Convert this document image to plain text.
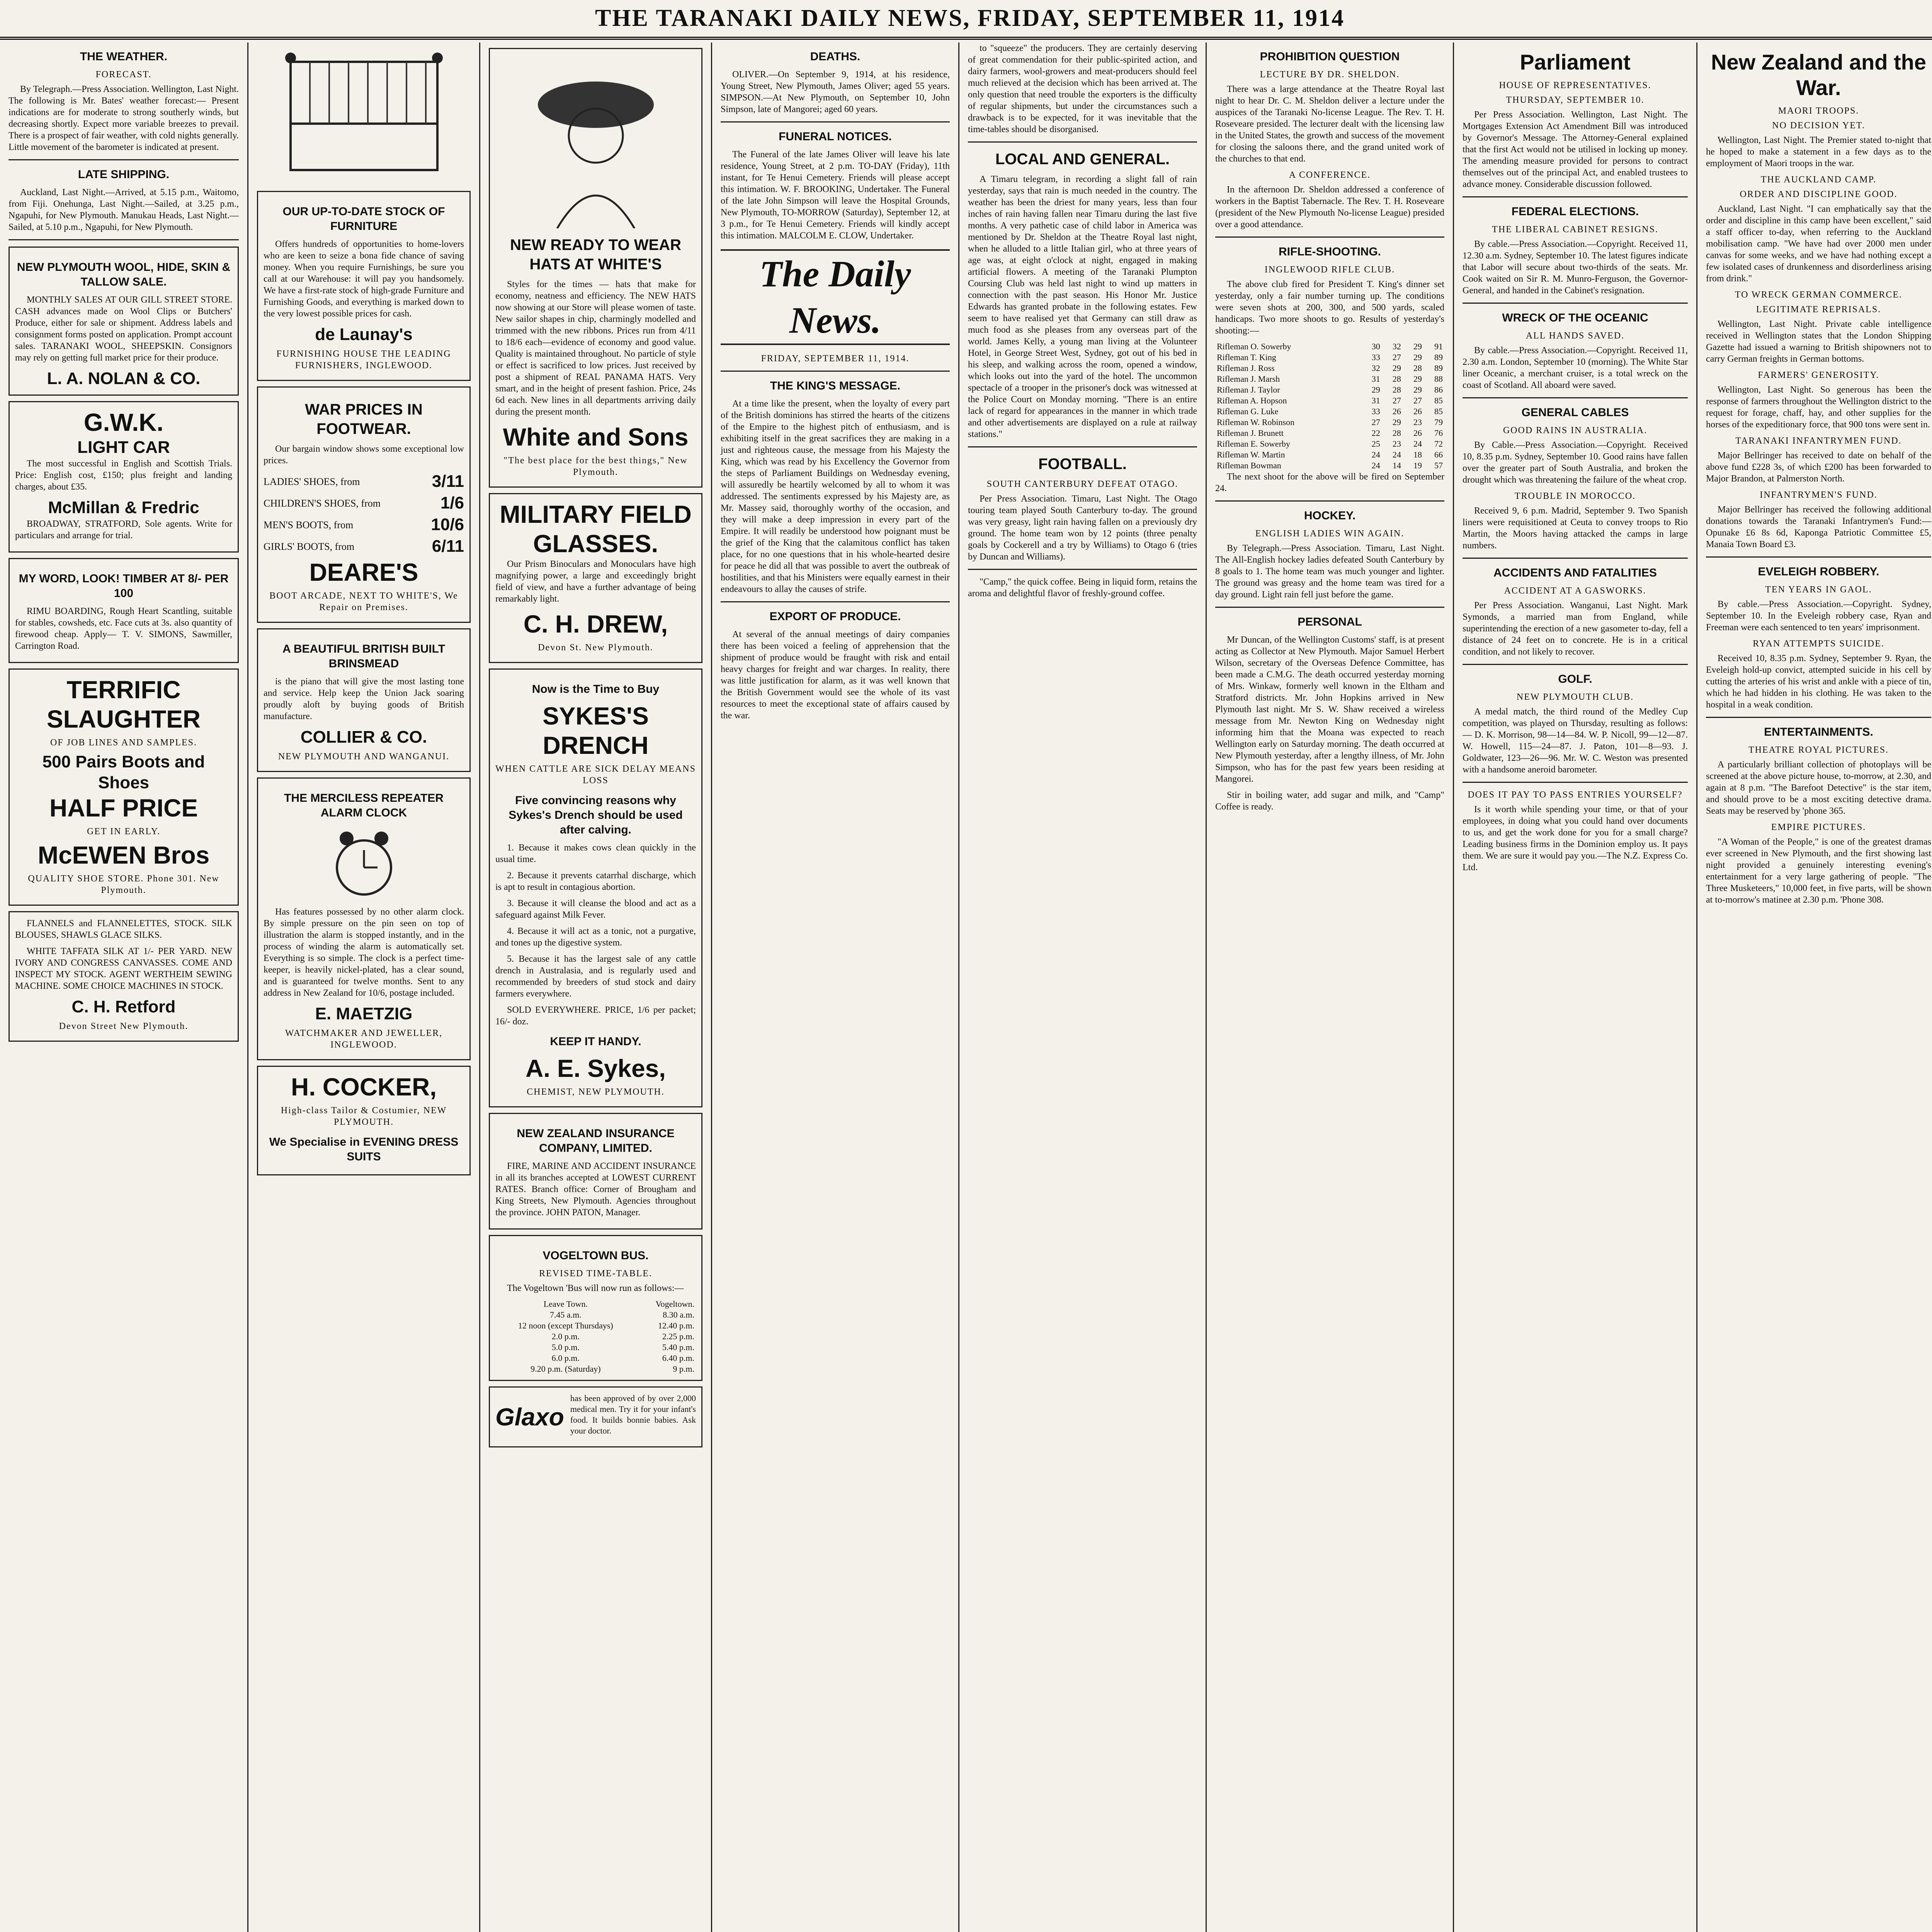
THE TARANAKI DAILY NEWS, FRIDAY, SEPTEMBER 11, 1914
THE WEATHER.
FORECAST.

By Telegraph.—Press Association. Wellington, Last Night. The following is Mr. Bates' weather forecast:— Present indications are for moderate to strong southerly winds, but decreasing shortly. Expect more variable breezes to prevail. There is a prospect of fair weather, with cold nights generally. Little movement of the barometer is indicated at present.

LATE SHIPPING.

Auckland, Last Night.—Arrived, at 5.15 p.m., Waitomo, from Fiji. Onehunga, Last Night.—Sailed, at 3.25 p.m., Ngapuhi, for New Plymouth. Manukau Heads, Last Night.—Sailed, at 5.10 p.m., Ngapuhi, for New Plymouth.

NEW PLYMOUTH WOOL, HIDE, SKIN & TALLOW SALE.

MONTHLY SALES AT OUR GILL STREET STORE. CASH advances made on Wool Clips or Butchers' Produce, either for sale or shipment. Address labels and consignment forms posted on application. Prompt account sales. TARANAKI WOOL, SHEEPSKIN. Consignors may rely on getting full market price for their produce.

L. A. NOLAN & CO.
G.W.K.
LIGHT CAR

The most successful in English and Scottish Trials. Price: English cost, £150; plus freight and landing charges, about £35.

McMillan & Fredric

BROADWAY, STRATFORD, Sole agents. Write for particulars and arrange for trial.

MY WORD, LOOK! TIMBER AT 8/- PER 100

RIMU BOARDING, Rough Heart Scantling, suitable for stables, cowsheds, etc. Face cuts at 3s. also quantity of firewood cheap. Apply— T. V. SIMONS, Sawmiller, Carrington Road.

TERRIFIC SLAUGHTER
OF JOB LINES AND SAMPLES.
500 Pairs Boots and Shoes
HALF PRICE
GET IN EARLY.
McEWEN Bros
QUALITY SHOE STORE. Phone 301. New Plymouth.

FLANNELS and FLANNELETTES, STOCK. SILK BLOUSES, SHAWLS GLACE SILKS.

WHITE TAFFATA SILK AT 1/- PER YARD. NEW IVORY AND CONGRESS CANVASSES. COME AND INSPECT MY STOCK. AGENT WERTHEIM SEWING MACHINE. SOME CHOICE MACHINES IN STOCK.

C. H. Retford
Devon Street New Plymouth.
OUR UP-TO-DATE STOCK OF FURNITURE

Offers hundreds of opportunities to home-lovers who are keen to seize a bona fide chance of saving money. When you require Furnishings, be sure you call at our Warehouse: it will pay you handsomely. We have a first-rate stock of high-grade Furniture and Furnishing Goods, and everything is marked down to the very lowest possible prices for cash.

de Launay's
FURNISHING HOUSE THE LEADING FURNISHERS, INGLEWOOD.
WAR PRICES IN FOOTWEAR.

Our bargain window shows some exceptional low prices.

LADIES' SHOES, from	3/11
CHILDREN'S SHOES, from	1/6
MEN'S BOOTS, from	10/6
GIRLS' BOOTS, from	6/11
DEARE'S
BOOT ARCADE, NEXT TO WHITE'S, We Repair on Premises.
A BEAUTIFUL BRITISH BUILT BRINSMEAD

is the piano that will give the most lasting tone and service. Help keep the Union Jack soaring proudly aloft by buying goods of British manufacture.

COLLIER & CO.
NEW PLYMOUTH AND WANGANUI.
THE MERCILESS REPEATER ALARM CLOCK

Has features possessed by no other alarm clock. By simple pressure on the pin seen on top of illustration the alarm is stopped instantly, and in the process of winding the alarm is automatically set. Everything is so simple. The clock is a perfect time-keeper, is heavily nickel-plated, has a clear sound, and is guaranteed for twelve months. Sent to any address in New Zealand for 10/6, postage included.

E. MAETZIG
WATCHMAKER AND JEWELLER, INGLEWOOD.
H. COCKER,
High-class Tailor & Costumier, NEW PLYMOUTH.
We Specialise in EVENING DRESS SUITS
NEW READY TO WEAR HATS AT WHITE'S

Styles for the times — hats that make for economy, neatness and efficiency. The NEW HATS now showing at our Store will please women of taste. New sailor shapes in chip, charmingly modelled and trimmed with the new ribbons. Prices run from 4/11 to 18/6 each—evidence of economy and good value. Quality is maintained throughout. No particle of style or effect is sacrificed to low prices. Just received by post a shipment of REAL PANAMA HATS. Very smart, and in the height of present fashion. Price, 24s 6d each. New lines in all departments arriving daily during the present month.

White and Sons
"The best place for the best things," New Plymouth.
MILITARY FIELD GLASSES.

Our Prism Binoculars and Monoculars have high magnifying power, a large and exceedingly bright field of view, and have a further advantage of being remarkably light.

C. H. DREW,
Devon St. New Plymouth.
Now is the Time to Buy
SYKES'S DRENCH
WHEN CATTLE ARE SICK DELAY MEANS LOSS
Five convincing reasons why Sykes's Drench should be used after calving.

1. Because it makes cows clean quickly in the usual time.

2. Because it prevents catarrhal discharge, which is apt to result in contagious abortion.

3. Because it will cleanse the blood and act as a safeguard against Milk Fever.

4. Because it will act as a tonic, not a purgative, and tones up the digestive system.

5. Because it has the largest sale of any cattle drench in Australasia, and is regularly used and recommended by breeders of stud stock and dairy farmers everywhere.

SOLD EVERYWHERE. PRICE, 1/6 per packet; 16/- doz.

KEEP IT HANDY.
A. E. Sykes,
CHEMIST, NEW PLYMOUTH.
NEW ZEALAND INSURANCE COMPANY, LIMITED.

FIRE, MARINE AND ACCIDENT INSURANCE in all its branches accepted at LOWEST CURRENT RATES. Branch office: Corner of Brougham and King Streets, New Plymouth. Agencies throughout the province. JOHN PATON, Manager.

VOGELTOWN BUS.
REVISED TIME-TABLE.

The Vogeltown 'Bus will now run as follows:—

Leave Town.	Vogeltown.
7.45 a.m.	8.30 a.m.
12 noon (except Thursdays)	12.40 p.m.
2.0 p.m.	2.25 p.m.
5.0 p.m.	5.40 p.m.
6.0 p.m.	6.40 p.m.
9.20 p.m. (Saturday)	9 p.m.
Glaxo

has been approved of by over 2,000 medical men. Try it for your infant's food. It builds bonnie babies. Ask your doctor.

DEATHS.

OLIVER.—On September 9, 1914, at his residence, Young Street, New Plymouth, James Oliver; aged 55 years. SIMPSON.—At New Plymouth, on September 10, John Simpson, late of Mangorei; aged 60 years.

FUNERAL NOTICES.

The Funeral of the late James Oliver will leave his late residence, Young Street, at 2 p.m. TO-DAY (Friday), 11th instant, for Te Henui Cemetery. Friends will please accept this intimation. W. F. BROOKING, Undertaker. The Funeral of the late John Simpson will leave the Hospital Grounds, New Plymouth, TO-MORROW (Saturday), September 12, at 3 p.m., for Te Henui Cemetery. Friends will kindly accept this intimation. MALCOLM E. CLOW, Undertaker.

The Daily News.
FRIDAY, SEPTEMBER 11, 1914.
THE KING'S MESSAGE.

At a time like the present, when the loyalty of every part of the British dominions has stirred the hearts of the citizens of the Empire to the highest pitch of enthusiasm, and is exhibiting itself in the great sacrifices they are making in a just and righteous cause, the message from his Majesty the King, which was read by his Excellency the Governor from the steps of Parliament Buildings on Wednesday evening, will assuredly be heartily welcomed by all to whom it was addressed. The sentiments expressed by his Majesty are, as Mr. Massey said, thoroughly worthy of the occasion, and they will make a deep impression in every part of the Empire. It will readily be understood how poignant must be the grief of the King that the calamitous conflict has taken place, for no one questions that in his whole-hearted desire for peace he did all that was possible to avert the outbreak of hostilities, and that his Ministers were equally earnest in their endeavours to allay the causes of strife.

EXPORT OF PRODUCE.

At several of the annual meetings of dairy companies there has been voiced a feeling of apprehension that the shipment of produce would be fraught with risk and entail heavy charges for freight and war charges. In reality, there was little justification for alarm, as it was well known that the British Government would see the whole of its vast resources to meet the exceptional state of affairs caused by the war.

to "squeeze" the producers. They are certainly deserving of great commendation for their public-spirited action, and dairy farmers, wool-growers and meat-producers should feel much relieved at the decision which has been arrived at. The only question that need trouble the exporters is the difficulty of regular shipments, but under the circumstances such a drawback is to be expected, for it was inevitable that the time-tables should be disorganised.

LOCAL AND GENERAL.

A Timaru telegram, in recording a slight fall of rain yesterday, says that rain is much needed in the country. The weather has been the driest for many years, less than four inches of rain having fallen near Timaru during the last five months. A very pathetic case of child labor in America was mentioned by Dr. Sheldon at the Theatre Royal last night, when he alluded to a little Italian girl, who at three years of age was, at eight o'clock at night, engaged in making artificial flowers. A meeting of the Taranaki Plumpton Coursing Club was held last night to wind up matters in connection with the past season. His Honor Mr. Justice Edwards has granted probate in the following estates. Few seem to have realised yet that Germany can still draw as much food as she pleases from any overseas part of the world. James Kelly, a young man living at the Volunteer Hotel, in George Street West, Sydney, got out of his bed in his sleep, and walking across the room, opened a window, which looks out into the yard of the hotel. The uncommon spectacle of a trooper in the prisoner's dock was witnessed at the Police Court on Monday morning. "There is an entire lack of regard for appearances in the manner in which trade and other advertisements are displayed on a rule at railway stations."

FOOTBALL.
SOUTH CANTERBURY DEFEAT OTAGO.

Per Press Association. Timaru, Last Night. The Otago touring team played South Canterbury to-day. The ground was very greasy, light rain having fallen on a previously dry ground. The home team won by 12 points (three penalty goals by Cockerell and a try by Williams) to Otago 6 (tries by Duncan and Williams).

"Camp," the quick coffee. Being in liquid form, retains the aroma and delightful flavor of freshly-ground coffee.

PROHIBITION QUESTION
LECTURE BY DR. SHELDON.

There was a large attendance at the Theatre Royal last night to hear Dr. C. M. Sheldon deliver a lecture under the auspices of the Taranaki No-license League. The Rev. T. H. Roseveare presided. The lecturer dealt with the licensing law in the United States, the growth and success of the movement for closing the saloons there, and the grand united work of the churches to that end.

A CONFERENCE.

In the afternoon Dr. Sheldon addressed a conference of workers in the Baptist Tabernacle. The Rev. T. H. Roseveare (president of the New Plymouth No-license League) presided over a good attendance.

RIFLE-SHOOTING.
INGLEWOOD RIFLE CLUB.

The above club fired for President T. King's dinner set yesterday, only a fair number turning up. The conditions were seven shots at 200, 300, and 500 yards, scaled handicaps. Two more shoots to go. Results of yesterday's shooting:—

Rifleman O. Sowerby	30	32	29	91
Rifleman T. King	33	27	29	89
Rifleman J. Ross	32	29	28	89
Rifleman J. Marsh	31	28	29	88
Rifleman J. Taylor	29	28	29	86
Rifleman A. Hopson	31	27	27	85
Rifleman G. Luke	33	26	26	85
Rifleman W. Robinson	27	29	23	79
Rifleman J. Brunett	22	28	26	76
Rifleman E. Sowerby	25	23	24	72
Rifleman W. Martin	24	24	18	66
Rifleman Bowman	24	14	19	57

The next shoot for the above will be fired on September 24.

HOCKEY.
ENGLISH LADIES WIN AGAIN.

By Telegraph.—Press Association. Timaru, Last Night. The All-English hockey ladies defeated South Canterbury by 8 goals to 1. The home team was much younger and lighter. The ground was greasy and the home team was tired for a day ground. Light rain fell just before the game.

PERSONAL

Mr Duncan, of the Wellington Customs' staff, is at present acting as Collector at New Plymouth. Major Samuel Herbert Wilson, secretary of the Overseas Defence Committee, has been made a C.M.G. The death occurred yesterday morning of Mrs. Winkaw, formerly well known in the Eltham and Stratford districts. Mr. John Hopkins arrived in New Plymouth last night. Mr S. W. Shaw received a wireless message from Mr. Newton King on Wednesday night informing him that the Moana was expected to reach Wellington early on Saturday morning. The death occurred at New Plymouth yesterday, after a lengthy illness, of Mr. John Simpson, who has for the past few years been residing at Mangorei.

Stir in boiling water, add sugar and milk, and "Camp" Coffee is ready.

Parliament
HOUSE OF REPRESENTATIVES.
THURSDAY, SEPTEMBER 10.

Per Press Association. Wellington, Last Night. The Mortgages Extension Act Amendment Bill was introduced by Governor's Message. The Attorney-General explained that the first Act would not be utilised in locking up money. The amending measure provided for persons to contract themselves out of the principal Act, and enabled trustees to advance money. Considerable discussion followed.

FEDERAL ELECTIONS.
THE LIBERAL CABINET RESIGNS.

By cable.—Press Association.—Copyright. Received 11, 12.30 a.m. Sydney, September 10. The latest figures indicate that Labor will secure about two-thirds of the seats. Mr. Cook waited on Sir R. M. Munro-Ferguson, the Governor-General, and handed in the Cabinet's resignation.

WRECK OF THE OCEANIC
ALL HANDS SAVED.

By cable.—Press Association.—Copyright. Received 11, 2.30 a.m. London, September 10 (morning). The White Star liner Oceanic, a merchant cruiser, is a total wreck on the coast of Scotland. All aboard were saved.

GENERAL CABLES
GOOD RAINS IN AUSTRALIA.

By Cable.—Press Association.—Copyright. Received 10, 8.35 p.m. Sydney, September 10. Good rains have fallen over the greater part of South Australia, and broken the drought which was threatening the failure of the wheat crop.

TROUBLE IN MOROCCO.

Received 9, 6 p.m. Madrid, September 9. Two Spanish liners were requisitioned at Ceuta to convey troops to Rio Martin, the Moors having attacked the camps in large numbers.

ACCIDENTS AND FATALITIES
ACCIDENT AT A GASWORKS.

Per Press Association. Wanganui, Last Night. Mark Symonds, a married man from England, while superintending the erection of a new gasometer to-day, fell a distance of 24 feet on to concrete. He is in a critical condition, and not likely to recover.

GOLF.
NEW PLYMOUTH CLUB.

A medal match, the third round of the Medley Cup competition, was played on Thursday, resulting as follows:— D. K. Morrison, 98—14—84. W. P. Nicoll, 99—12—87. W. Howell, 115—24—87. J. Paton, 101—8—93. J. Goldwater, 123—26—96. Mr. W. C. Weston was presented with a handsome aneroid barometer.

DOES IT PAY TO PASS ENTRIES YOURSELF?

Is it worth while spending your time, or that of your employees, in doing what you could hand over documents to us, and get the work done for you for a small charge? Leading business firms in the Dominion employ us. It pays them. We are sure it would pay you.—The N.Z. Express Co. Ltd.

New Zealand and the War.
MAORI TROOPS.
NO DECISION YET.

Wellington, Last Night. The Premier stated to-night that he hoped to make a statement in a few days as to the employment of Maori troops in the war.

THE AUCKLAND CAMP.
ORDER AND DISCIPLINE GOOD.

Auckland, Last Night. "I can emphatically say that the order and discipline in this camp have been excellent," said a staff officer to-day, when referring to the Auckland mobilisation camp. "We have had over 2000 men under canvas for some weeks, and we have had nothing except a few isolated cases of drunkenness and disorderliness arising from drink."

TO WRECK GERMAN COMMERCE.
LEGITIMATE REPRISALS.

Wellington, Last Night. Private cable intelligence received in Wellington states that the London Shipping Gazette had issued a warning to British shipowners not to carry German freights in German bottoms.

FARMERS' GENEROSITY.

Wellington, Last Night. So generous has been the response of farmers throughout the Wellington district to the request for forage, chaff, hay, and other supplies for the horses of the expeditionary force, that 900 tons were sent in.

TARANAKI INFANTRYMEN FUND.

Major Bellringer has received to date on behalf of the above fund £228 3s, of which £200 has been forwarded to Major Brandon, at Palmerston North.

INFANTRYMEN'S FUND.

Major Bellringer has received the following additional donations towards the Taranaki Infantrymen's Fund:—Opunake £6 8s 6d, Kaponga Patriotic Committee £5, Manaia Town Board £3.

EVELEIGH ROBBERY.
TEN YEARS IN GAOL.

By cable.—Press Association.—Copyright. Sydney, September 10. In the Eveleigh robbery case, Ryan and Freeman were each sentenced to ten years' imprisonment.

RYAN ATTEMPTS SUICIDE.

Received 10, 8.35 p.m. Sydney, September 9. Ryan, the Eveleigh hold-up convict, attempted suicide in his cell by cutting the arteries of his wrist and ankle with a piece of tin, which he had hidden in his clothing. He was taken to the hospital in a weak condition.

ENTERTAINMENTS.
THEATRE ROYAL PICTURES.

A particularly brilliant collection of photoplays will be screened at the above picture house, to-morrow, at 2.30, and again at 8 p.m. "The Barefoot Detective" is the star item, and should prove to be a most exciting detective drama. Seats may be reserved by 'phone 365.

EMPIRE PICTURES.

"A Woman of the People," is one of the greatest dramas ever screened in New Plymouth, and the first showing last night provided a genuinely interesting evening's entertainment for a very large gathering of people. "The Three Musketeers," 10,000 feet, in five parts, will be shown at to-morrow's matinee at 2.30 p.m. 'Phone 308.
